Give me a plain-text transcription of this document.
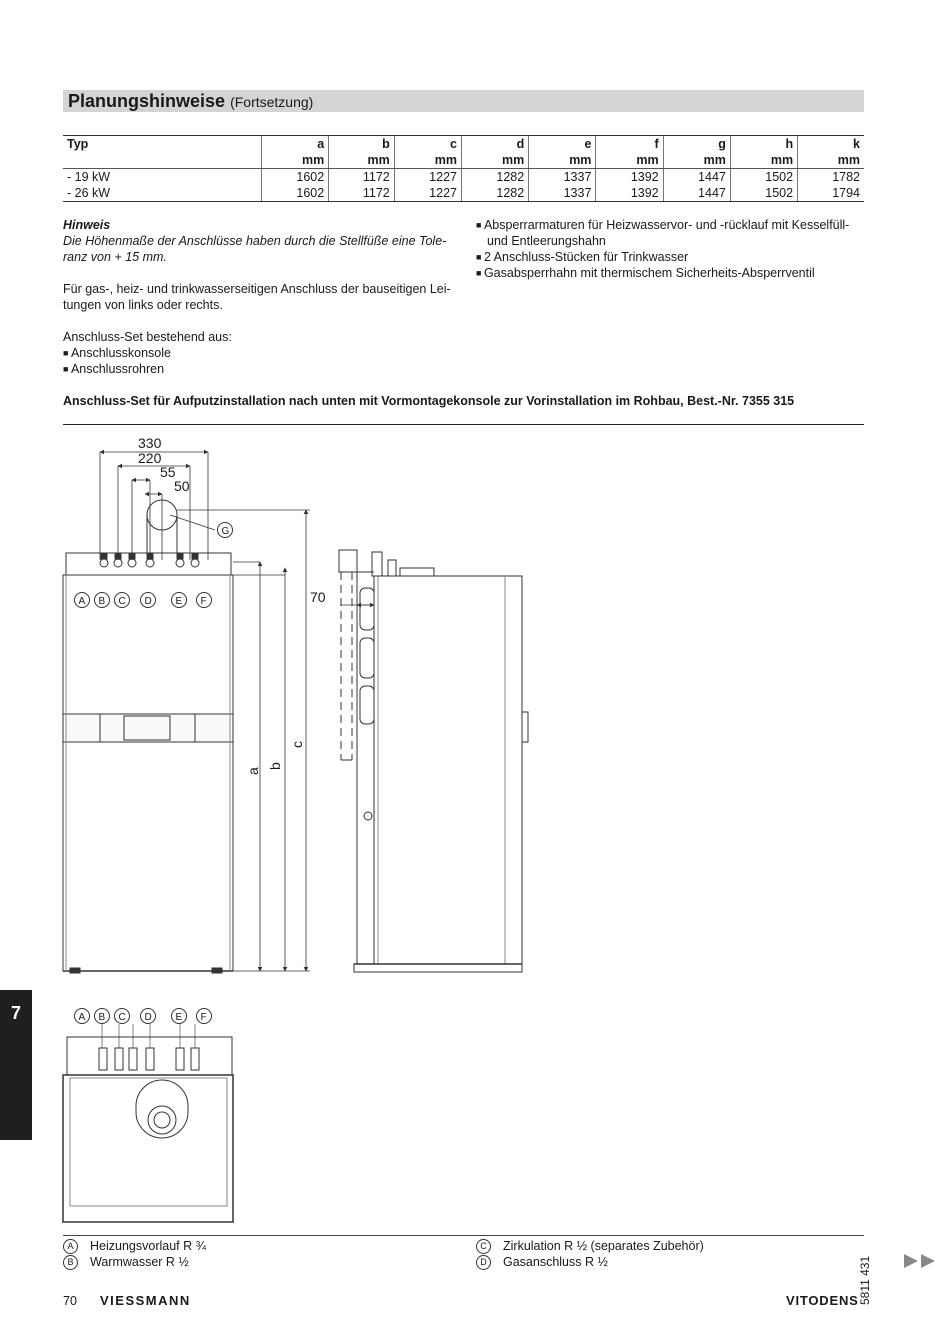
Planungshinweise (Fortsetzung)
Typ	a	b	c	d	e	f	g	h	k
	mm	mm	mm	mm	mm	mm	mm	mm	mm
- 19 kW	1602	1172	1227	1282	1337	1392	1447	1502	1782
- 26 kW	1602	1172	1227	1282	1337	1392	1447	1502	1794
Hinweis
Die Höhenmaße der Anschlüsse haben durch die Stellfüße eine Tole-
ranz von + 15 mm.
Für gas-, heiz- und trinkwasserseitigen Anschluss der bauseitigen Lei-
tungen von links oder rechts.
Anschluss-Set bestehend aus:
■ Anschlusskonsole
■ Anschlussrohren
■ Absperrarmaturen für Heizwasservor- und -rücklauf mit Kesselfüll-
und Entleerungshahn
■ 2 Anschluss-Stücken für Trinkwasser
■ Gasabsperrhahn mit thermischem Sicherheits-Absperrventil
Anschluss-Set für Aufputzinstallation nach unten mit Vormontagekonsole zur Vorinstallation im Rohbau, Best.-Nr. 7355 315
330
220
55
50
a
b
c
G
A B C D E F	70
A B C D E F
A Heizungsvorlauf R ¾
B Warmwasser R ½
C Zirkulation R ½ (separates Zubehör)
D Gasanschluss R ½
7
5811 431
70 VIESSMANN	VITODENS
